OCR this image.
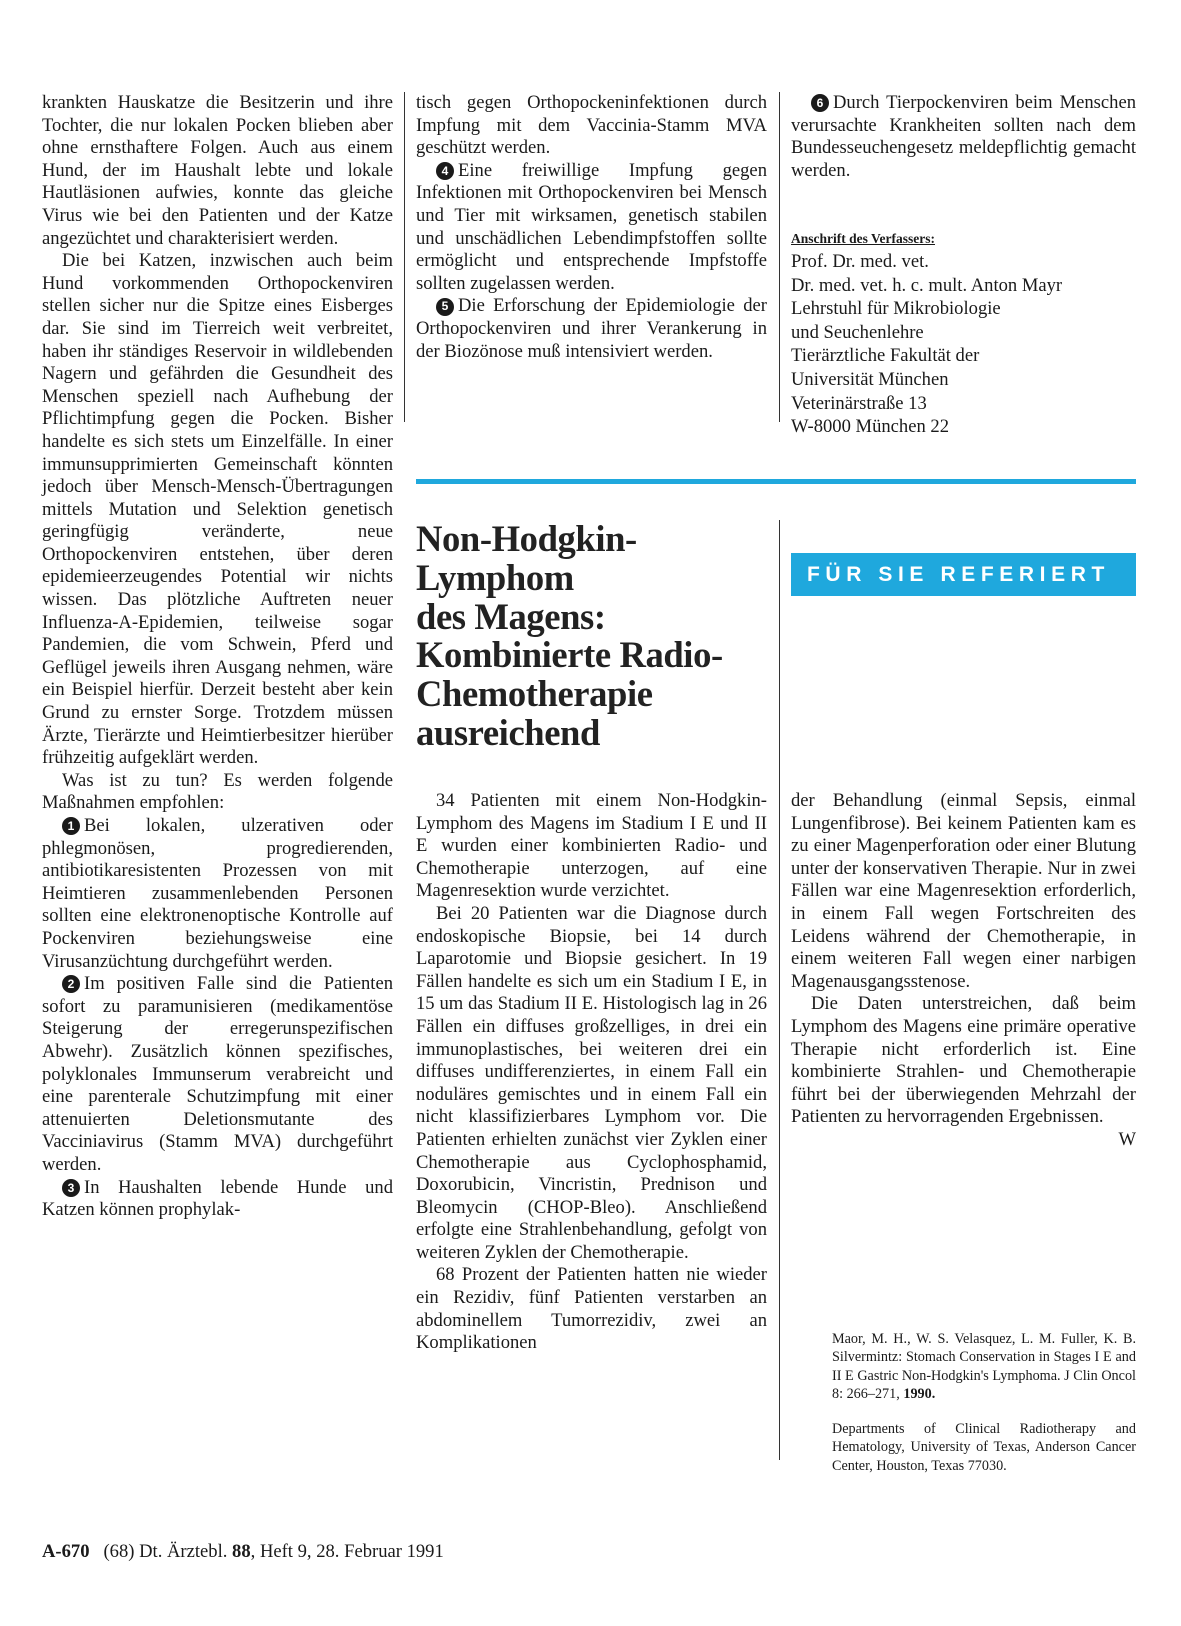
krankten Hauskatze die Besitzerin und ihre Tochter, die nur lokalen Pocken blieben aber ohne ernsthaftere Folgen. Auch aus einem Hund, der im Haushalt lebte und lokale Hautläsionen aufwies, konnte das gleiche Virus wie bei den Patienten und der Katze angezüchtet und charakterisiert werden.

Die bei Katzen, inzwischen auch beim Hund vorkommenden Orthopockenviren stellen sicher nur die Spitze eines Eisberges dar. Sie sind im Tierreich weit verbreitet, haben ihr ständiges Reservoir in wildlebenden Nagern und gefährden die Gesundheit des Menschen speziell nach Aufhebung der Pflichtimpfung gegen die Pocken. Bisher handelte es sich stets um Einzelfälle. In einer immunsupprimierten Gemeinschaft könnten jedoch über Mensch-Mensch-Übertragungen mittels Mutation und Selektion genetisch geringfügig veränderte, neue Orthopockenviren entstehen, über deren epidemieerzeugendes Potential wir nichts wissen. Das plötzliche Auftreten neuer Influenza-A-Epidemien, teilweise sogar Pandemien, die vom Schwein, Pferd und Geflügel jeweils ihren Ausgang nehmen, wäre ein Beispiel hierfür. Derzeit besteht aber kein Grund zu ernster Sorge. Trotzdem müssen Ärzte, Tierärzte und Heimtierbesitzer hierüber frühzeitig aufgeklärt werden.

Was ist zu tun? Es werden folgende Maßnahmen empfohlen:

1 Bei lokalen, ulzerativen oder phlegmonösen, progredierenden, antibiotikaresistenten Prozessen von mit Heimtieren zusammenlebenden Personen sollten eine elektronenoptische Kontrolle auf Pockenviren beziehungsweise eine Virusanzüchtung durchgeführt werden.

2 Im positiven Falle sind die Patienten sofort zu paramunisieren (medikamentöse Steigerung der erregerunspezifischen Abwehr). Zusätzlich können spezifisches, polyklonales Immunserum verabreicht und eine parenterale Schutzimpfung mit einer attenuierten Deletionsmutante des Vacciniavirus (Stamm MVA) durchgeführt werden.

3 In Haushalten lebende Hunde und Katzen können prophylak-

tisch gegen Orthopockeninfektionen durch Impfung mit dem Vaccinia-Stamm MVA geschützt werden.

4 Eine freiwillige Impfung gegen Infektionen mit Orthopockenviren bei Mensch und Tier mit wirksamen, genetisch stabilen und unschädlichen Lebendimpfstoffen sollte ermöglicht und entsprechende Impfstoffe sollten zugelassen werden.

5 Die Erforschung der Epidemiologie der Orthopockenviren und ihrer Verankerung in der Biozönose muß intensiviert werden.

6 Durch Tierpockenviren beim Menschen verursachte Krankheiten sollten nach dem Bundesseuchengesetz meldepflichtig gemacht werden.

Anschrift des Verfassers:
Prof. Dr. med. vet.
Dr. med. vet. h. c. mult. Anton Mayr
Lehrstuhl für Mikrobiologie
und Seuchenlehre
Tierärztliche Fakultät der
Universität München
Veterinärstraße 13
W-8000 München 22
Non-Hodgkin-
Lymphom
des Magens:
Kombinierte Radio-
Chemotherapie
ausreichend
FÜR SIE REFERIERT

34 Patienten mit einem Non-Hodgkin-Lymphom des Magens im Stadium I E und II E wurden einer kombinierten Radio- und Chemotherapie unterzogen, auf eine Magenresektion wurde verzichtet.

Bei 20 Patienten war die Diagnose durch endoskopische Biopsie, bei 14 durch Laparotomie und Biopsie gesichert. In 19 Fällen handelte es sich um ein Stadium I E, in 15 um das Stadium II E. Histologisch lag in 26 Fällen ein diffuses großzelliges, in drei ein immunoplastisches, bei weiteren drei ein diffuses undifferenziertes, in einem Fall ein noduläres gemischtes und in einem Fall ein nicht klassifizierbares Lymphom vor. Die Patienten erhielten zunächst vier Zyklen einer Chemotherapie aus Cyclophosphamid, Doxorubicin, Vincristin, Prednison und Bleomycin (CHOP-Bleo). Anschließend erfolgte eine Strahlenbehandlung, gefolgt von weiteren Zyklen der Chemotherapie.

68 Prozent der Patienten hatten nie wieder ein Rezidiv, fünf Patienten verstarben an abdominellem Tumorrezidiv, zwei an Komplikationen

der Behandlung (einmal Sepsis, einmal Lungenfibrose). Bei keinem Patienten kam es zu einer Magenperforation oder einer Blutung unter der konservativen Therapie. Nur in zwei Fällen war eine Magenresektion erforderlich, in einem Fall wegen Fortschreiten des Leidens während der Chemotherapie, in einem weiteren Fall wegen einer narbigen Magenausgangsstenose.

Die Daten unterstreichen, daß beim Lymphom des Magens eine primäre operative Therapie nicht erforderlich ist. Eine kombinierte Strahlen- und Chemotherapie führt bei der überwiegenden Mehrzahl der Patienten zu hervorragenden Ergebnissen.
W

Maor, M. H., W. S. Velasquez, L. M. Fuller, K. B. Silvermintz: Stomach Conservation in Stages I E and II E Gastric Non-Hodgkin's Lymphoma. J Clin Oncol 8: 266–271, 1990.
Departments of Clinical Radiotherapy and Hematology, University of Texas, Anderson Cancer Center, Houston, Texas 77030.
A-670 (68) Dt. Ärztebl. 88, Heft 9, 28. Februar 1991
